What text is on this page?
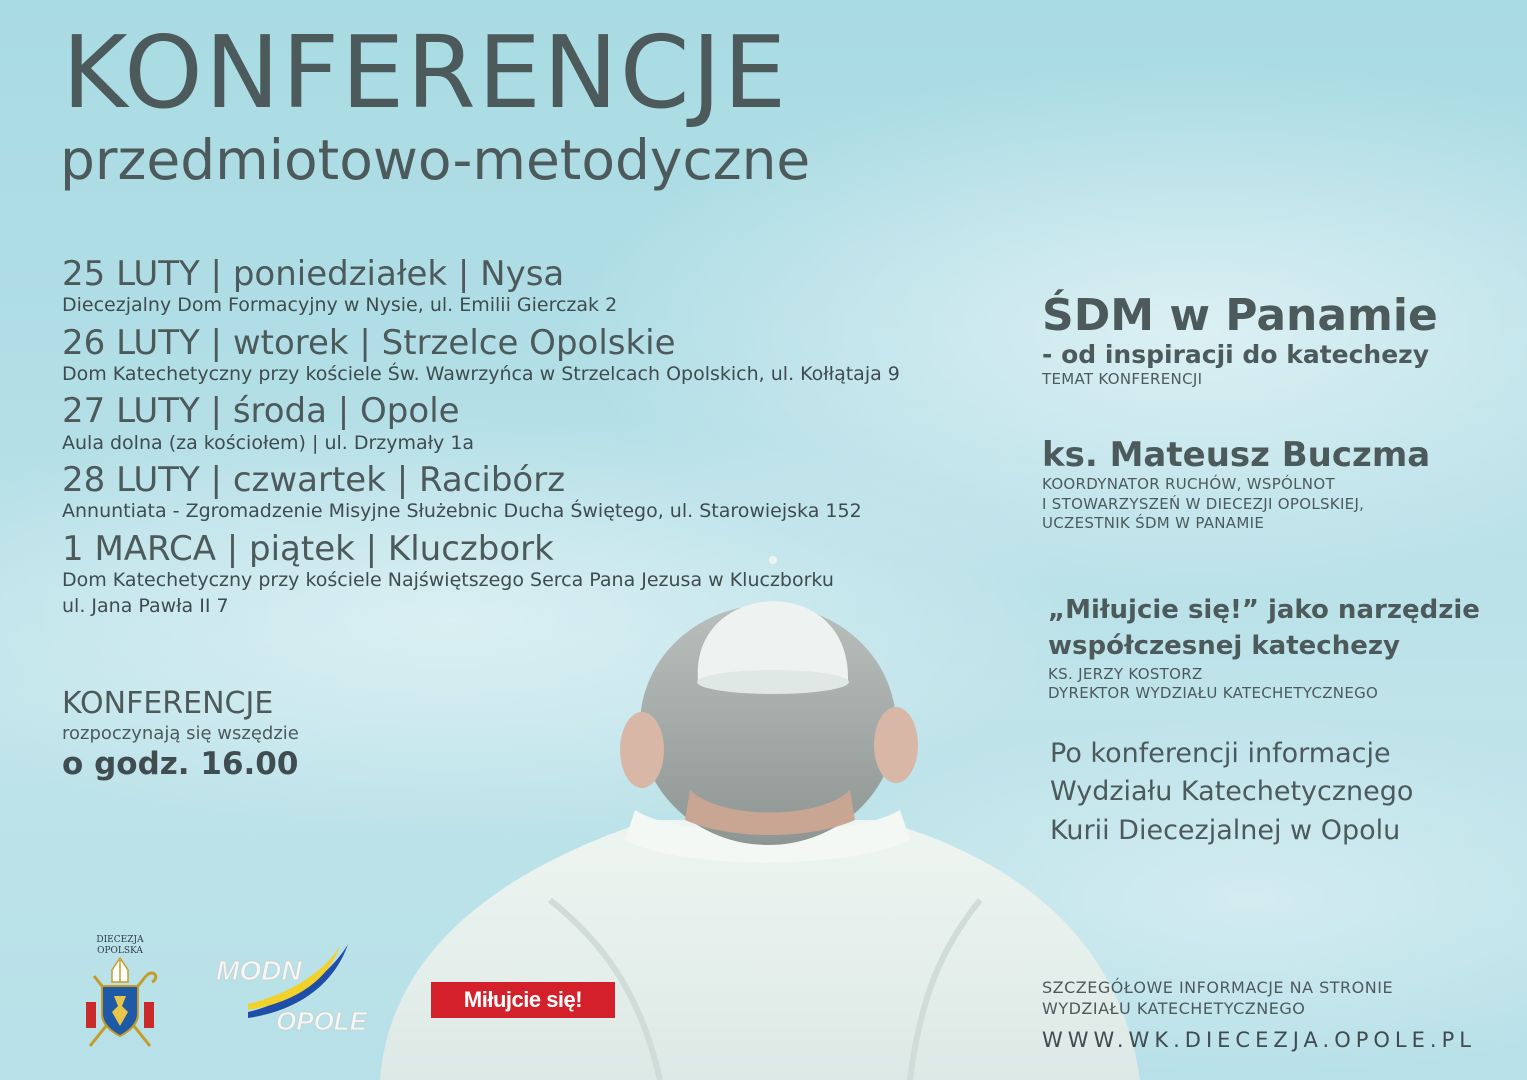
KONFERENCJE
przedmiotowo-metodyczne
25 LUTY | poniedziałek | Nysa
Diecezjalny Dom Formacyjny w Nysie, ul. Emilii Gierczak 2
26 LUTY | wtorek | Strzelce Opolskie
Dom Katechetyczny przy kościele Św. Wawrzyńca w Strzelcach Opolskich, ul. Kołłątaja 9
27 LUTY | środa | Opole
Aula dolna (za kościołem) | ul. Drzymały 1a
28 LUTY | czwartek | Racibórz
Annuntiata - Zgromadzenie Misyjne Służebnic Ducha Świętego, ul. Starowiejska 152
1 MARCA | piątek | Kluczbork
Dom Katechetyczny przy kościele Najświętszego Serca Pana Jezusa w Kluczborku
ul. Jana Pawła II 7
KONFERENCJE
rozpoczynają się wszędzie
o godz. 16.00
ŚDM w Panamie
- od inspiracji do katechezy
TEMAT KONFERENCJI
ks. Mateusz Buczma
KOORDYNATOR RUCHÓW, WSPÓLNOT
I STOWARZYSZEŃ W DIECEZJI OPOLSKIEJ,
UCZESTNIK ŚDM W PANAMIE
„Miłujcie się!” jako narzędzie
współczesnej katechezy
KS. JERZY KOSTORZ
DYREKTOR WYDZIAŁU KATECHETYCZNEGO
Po konferencji informacje
Wydziału Katechetycznego
Kurii Diecezjalnej w Opolu
SZCZEGÓŁOWE INFORMACJE NA STRONIE
WYDZIAŁU KATECHETYCZNEGO
WWW.WK.DIECEZJA.OPOLE.PL
DIECEZJA
OPOLSKA
MODN
OPOLE
Miłujcie się!
